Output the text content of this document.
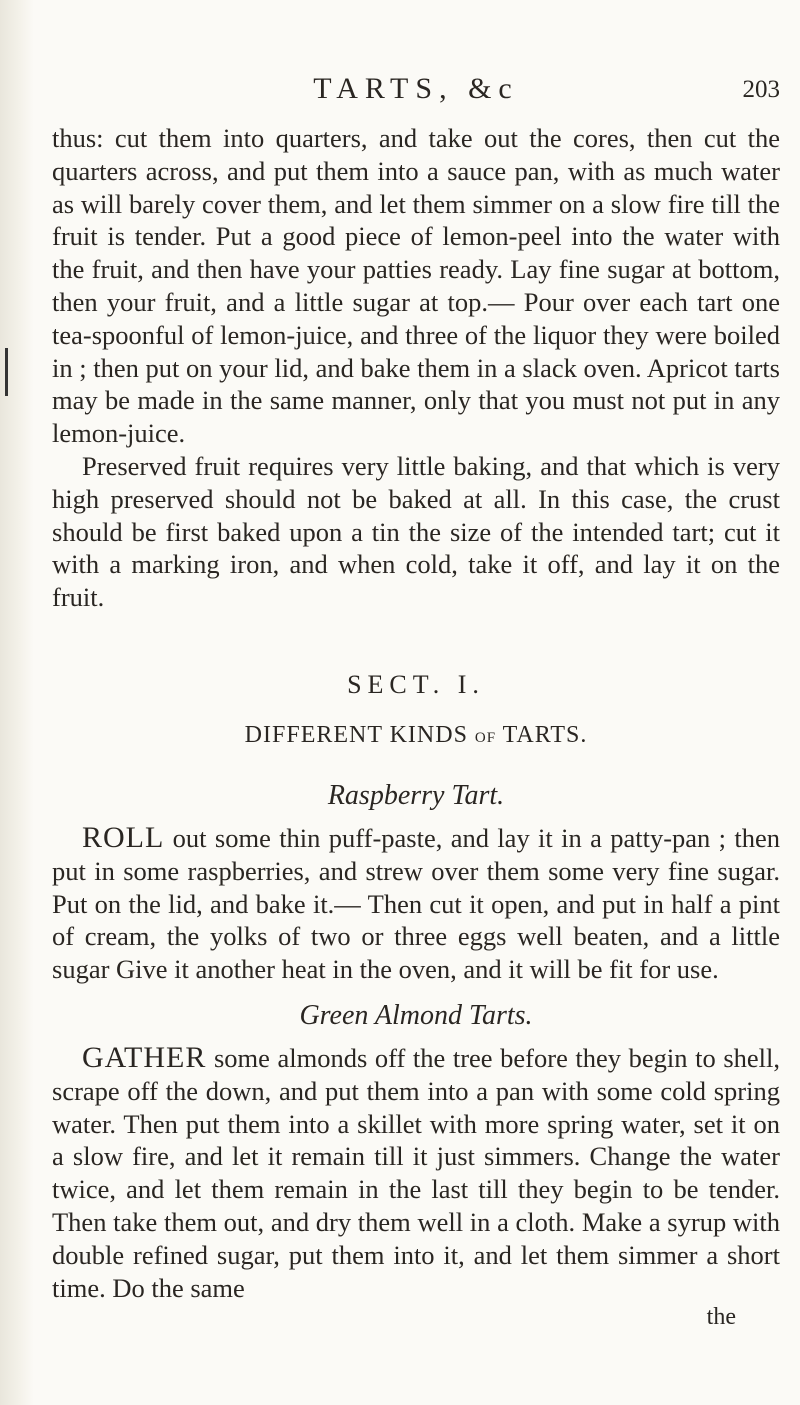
TARTS, &c	203

thus: cut them into quarters, and take out the cores, then cut the quarters across, and put them into a sauce pan, with as much water as will barely cover them, and let them simmer on a slow fire till the fruit is tender. Put a good piece of lemon-peel into the water with the fruit, and then have your patties ready. Lay fine sugar at bottom, then your fruit, and a little sugar at top.— Pour over each tart one tea-spoonful of lemon-juice, and three of the liquor they were boiled in ; then put on your lid, and bake them in a slack oven. Apricot tarts may be made in the same manner, only that you must not put in any lemon-juice.

Preserved fruit requires very little baking, and that which is very high preserved should not be baked at all. In this case, the crust should be first baked upon a tin the size of the intended tart; cut it with a marking iron, and when cold, take it off, and lay it on the fruit.

SECT. I.
DIFFERENT KINDS OF TARTS.
Raspberry Tart.

ROLL out some thin puff-paste, and lay it in a patty-pan ; then put in some raspberries, and strew over them some very fine sugar. Put on the lid, and bake it.— Then cut it open, and put in half a pint of cream, the yolks of two or three eggs well beaten, and a little sugar Give it another heat in the oven, and it will be fit for use.

Green Almond Tarts.

GATHER some almonds off the tree before they begin to shell, scrape off the down, and put them into a pan with some cold spring water. Then put them into a skillet with more spring water, set it on a slow fire, and let it remain till it just simmers. Change the water twice, and let them remain in the last till they begin to be tender. Then take them out, and dry them well in a cloth. Make a syrup with double refined sugar, put them into it, and let them simmer a short time. Do the same

the
